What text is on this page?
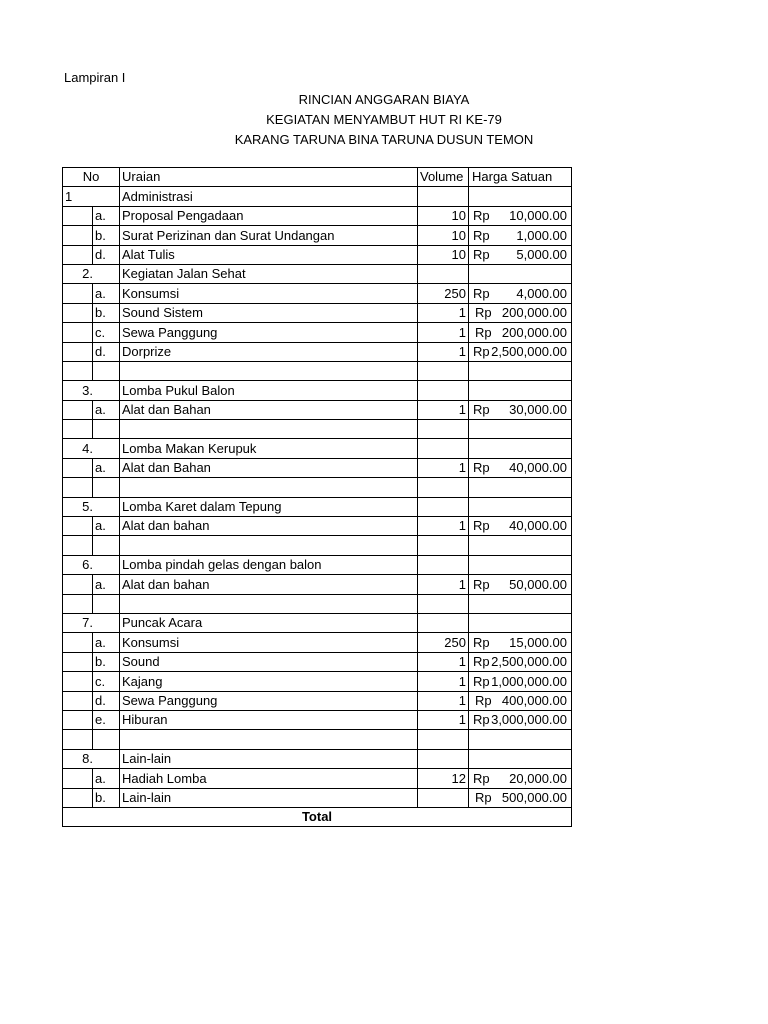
Lampiran I
RINCIAN ANGGARAN BIAYA
KEGIATAN MENYAMBUT HUT RI KE-79
KARANG TARUNA BINA TARUNA DUSUN TEMON
No		Uraian	Volume	Harga Satuan
1		Administrasi		
	a.	Proposal Pengadaan	10	Rp 10,000.00

	b.	Surat Perizinan dan Surat Undangan	10	Rp 1,000.00

	d.	Alat Tulis	10	Rp 5,000.00

2.		Kegiatan Jalan Sehat		
	a.	Konsumsi	250	Rp 4,000.00

	b.	Sound Sistem	1	Rp 200,000.00

	c.	Sewa Panggung	1	Rp 200,000.00

	d.	Dorprize	1	Rp 2,500,000.00

3.		Lomba Pukul Balon		
	a.	Alat dan Bahan	1	Rp 30,000.00

4.		Lomba Makan Kerupuk		
	a.	Alat dan Bahan	1	Rp 40,000.00

5.		Lomba Karet dalam Tepung		
	a.	Alat dan bahan	1	Rp 40,000.00

6.		Lomba pindah gelas dengan balon		
	a.	Alat dan bahan	1	Rp 50,000.00

7.		Puncak Acara		
	a.	Konsumsi	250	Rp 15,000.00

	b.	Sound	1	Rp 2,500,000.00

	c.	Kajang	1	Rp 1,000,000.00

	d.	Sewa Panggung	1	Rp 400,000.00

	e.	Hiburan	1	Rp 3,000,000.00

8.		Lain-lain		
	a.	Hadiah Lomba	12	Rp 20,000.00

	b.	Lain-lain		Rp 500,000.00

Total				
